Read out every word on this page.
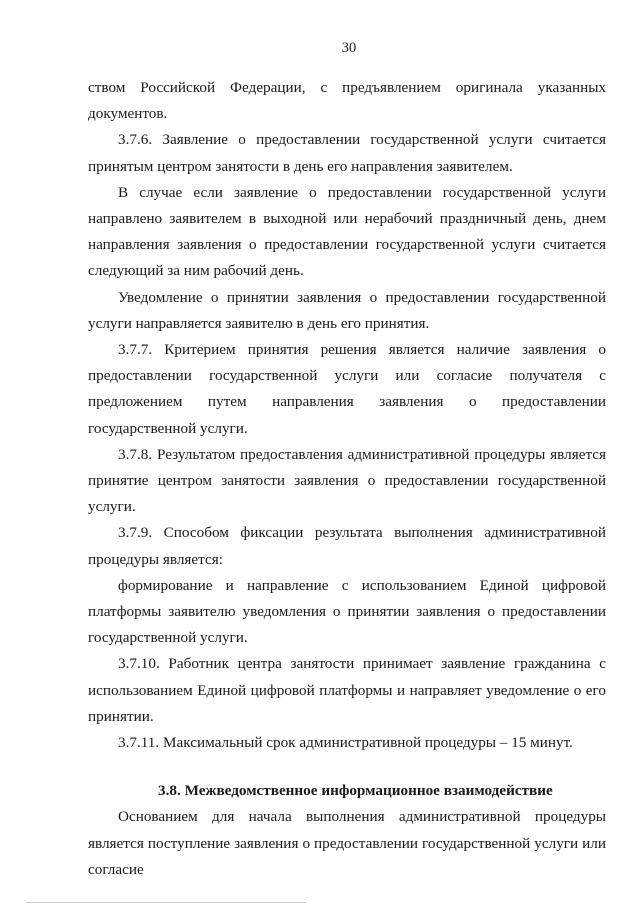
30

ством Российской Федерации, с предъявлением оригинала указанных документов.

3.7.6. Заявление о предоставлении государственной услуги считается принятым центром занятости в день его направления заявителем.

В случае если заявление о предоставлении государственной услуги направлено заявителем в выходной или нерабочий праздничный день, днем направления заявления о предоставлении государственной услуги считается следующий за ним рабочий день.

Уведомление о принятии заявления о предоставлении государственной услуги направляется заявителю в день его принятия.

3.7.7. Критерием принятия решения является наличие заявления о предоставлении государственной услуги или согласие получателя с предложением путем направления заявления о предоставлении государственной услуги.

3.7.8. Результатом предоставления административной процедуры является принятие центром занятости заявления о предоставлении государственной услуги.

3.7.9. Способом фиксации результата выполнения административной процедуры является:

формирование и направление с использованием Единой цифровой платформы заявителю уведомления о принятии заявления о предоставлении государственной услуги.

3.7.10. Работник центра занятости принимает заявление гражданина с использованием Единой цифровой платформы и направляет уведомление о его принятии.

3.7.11. Максимальный срок административной процедуры – 15 минут.

3.8. Межведомственное информационное взаимодействие

Основанием для начала выполнения административной процедуры является поступление заявления о предоставлении государственной услуги или согласие
